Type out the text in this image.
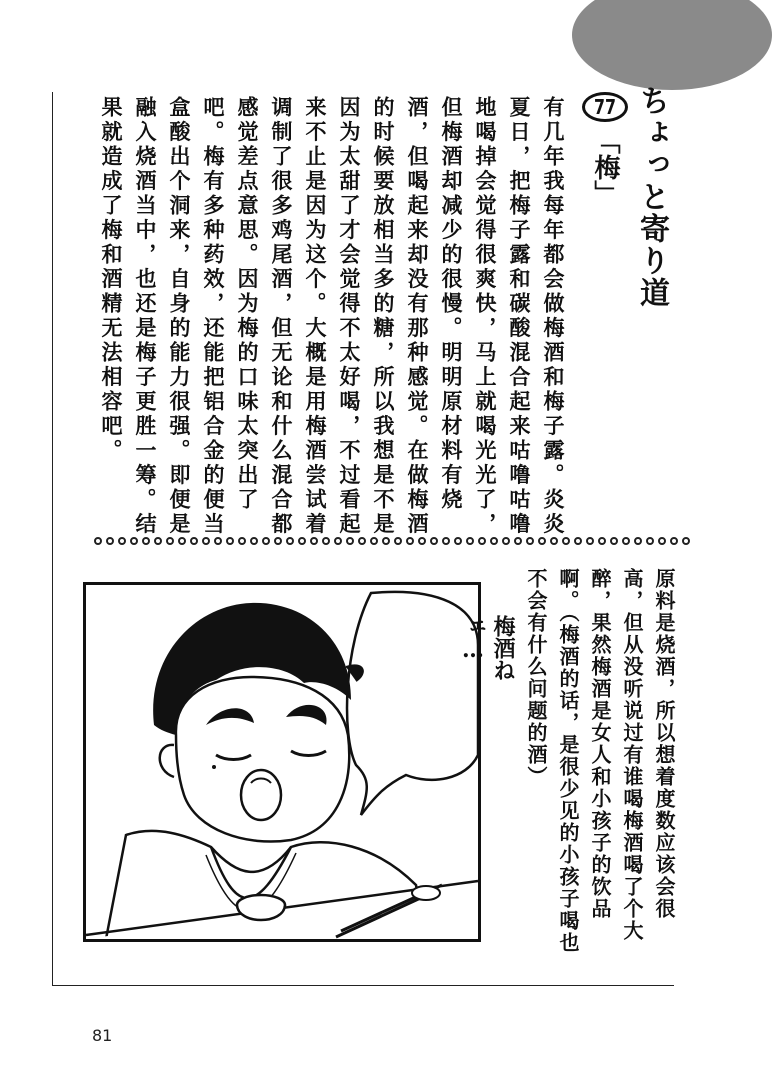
ちょっと寄り道
77「梅」

有几年我每年都会做梅酒和梅子露。炎炎夏日，把梅子露和碳酸混合起来咕噜咕噜地喝掉会觉得很爽快，马上就喝光光了，但梅酒却减少的很慢。明明原材料有烧酒，但喝起来却没有那种感觉。在做梅酒的时候要放相当多的糖，所以我想是不是因为太甜了才会觉得不太好喝，不过看起来不止是因为这个。大概是用梅酒尝试着调制了很多鸡尾酒，但无论和什么混合都感觉差点意思。因为梅的口味太突出了吧。梅有多种药效，还能把铝合金的便当盒酸出个洞来，自身的能力很强。即便是融入烧酒当中，也还是梅子更胜一筹。结果就造成了梅和酒精无法相容吧。

原料是烧酒，所以想着度数应该会很高，但从没听说过有谁喝梅酒喝了个大醉，果然梅酒是女人和小孩子的饮品啊。（梅酒的话，是很少见的小孩子喝也不会有什么问题的酒）

梅酒ねェ…
81
